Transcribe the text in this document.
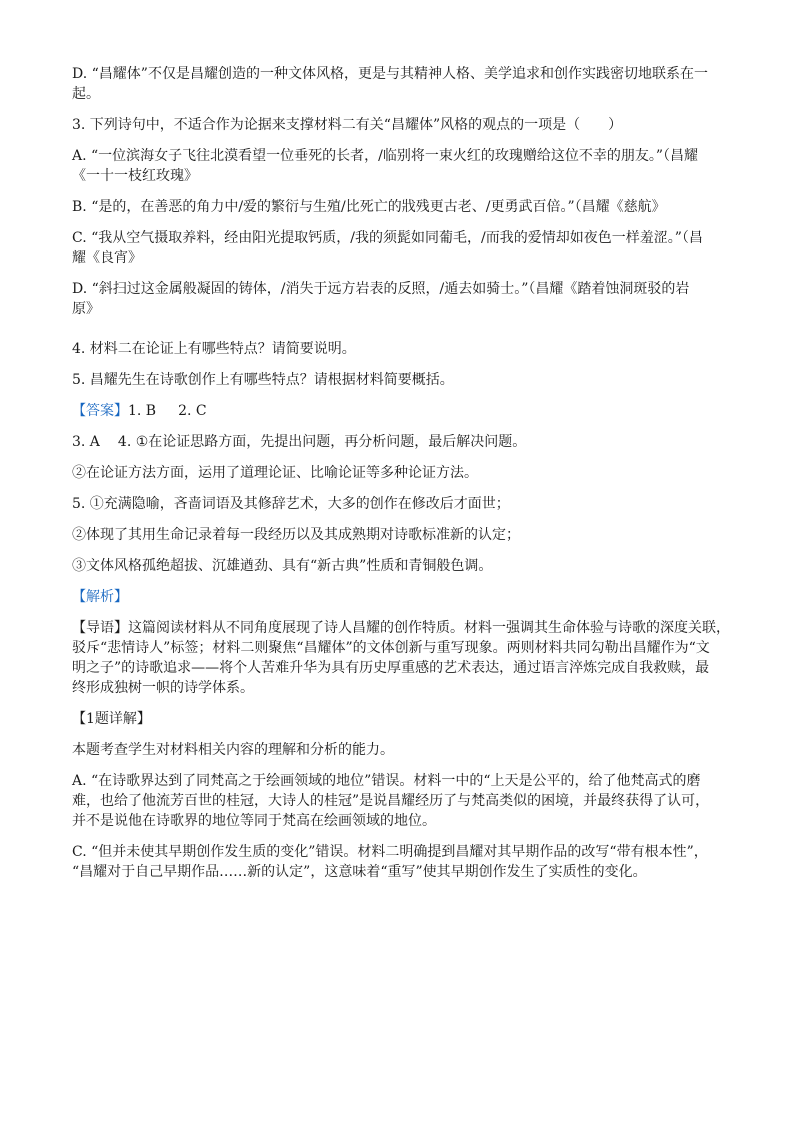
D. “昌耀体”不仅是昌耀创造的一种文体风格，更是与其精神人格、美学追求和创作实践密切地联系在一

起。

3. 下列诗句中，不适合作为论据来支撑材料二有关“昌耀体”风格的观点的一项是（　　）

A. “一位滨海女子飞往北漠看望一位垂死的长者，/临别将一束火红的玫瑰赠给这位不幸的朋友。”（昌耀

《一十一枝红玫瑰》

B. “是的，在善恶的角力中/爱的繁衍与生殖/比死亡的戕残更古老、/更勇武百倍。”（昌耀《慈航》

C. “我从空气摄取养料，经由阳光提取钙质，/我的须髭如同葡毛，/而我的爱情却如夜色一样羞涩。”（昌

耀《良宵》

D. “斜扫过这金属般凝固的铸体，/消失于远方岩表的反照，/遁去如骑士。”（昌耀《踏着蚀洞斑驳的岩

原》

4. 材料二在论证上有哪些特点？请简要说明。

5. 昌耀先生在诗歌创作上有哪些特点？请根据材料简要概括。

【答案】1. B 2. C

3. A 4. ①在论证思路方面，先提出问题，再分析问题，最后解决问题。

②在论证方法方面，运用了道理论证、比喻论证等多种论证方法。

5. ①充满隐喻，吝啬词语及其修辞艺术，大多的创作在修改后才面世；

②体现了其用生命记录着每一段经历以及其成熟期对诗歌标准新的认定；

③文体风格孤绝超拔、沉雄遒劲、具有“新古典”性质和青铜般色调。

【解析】

【导语】这篇阅读材料从不同角度展现了诗人昌耀的创作特质。材料一强调其生命体验与诗歌的深度关联，

驳斥“悲情诗人”标签；材料二则聚焦“昌耀体”的文体创新与重写现象。两则材料共同勾勒出昌耀作为“文

明之子”的诗歌追求——将个人苦难升华为具有历史厚重感的艺术表达，通过语言淬炼完成自我救赎，最

终形成独树一帜的诗学体系。

【1题详解】

本题考查学生对材料相关内容的理解和分析的能力。

A. “在诗歌界达到了同梵高之于绘画领域的地位”错误。材料一中的“上天是公平的，给了他梵高式的磨

难，也给了他流芳百世的桂冠，大诗人的桂冠”是说昌耀经历了与梵高类似的困境，并最终获得了认可，

并不是说他在诗歌界的地位等同于梵高在绘画领域的地位。

C. “但并未使其早期创作发生质的变化”错误。材料二明确提到昌耀对其早期作品的改写“带有根本性”，

“昌耀对于自己早期作品……新的认定”，这意味着“重写”使其早期创作发生了实质性的变化。
